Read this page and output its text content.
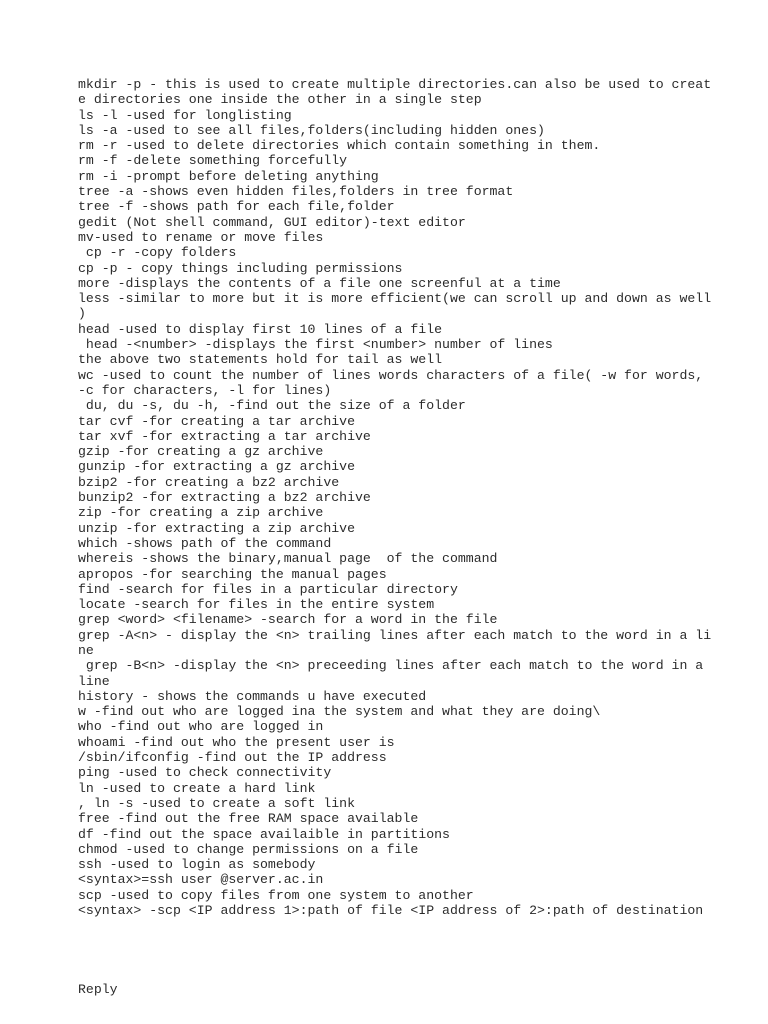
mkdir -p - this is used to create multiple directories.can also be used to creat
e directories one inside the other in a single step
ls -l -used for longlisting
ls -a -used to see all files,folders(including hidden ones)
rm -r -used to delete directories which contain something in them.
rm -f -delete something forcefully
rm -i -prompt before deleting anything
tree -a -shows even hidden files,folders in tree format
tree -f -shows path for each file,folder
gedit (Not shell command, GUI editor)-text editor
mv-used to rename or move files
cp -r -copy folders
cp -p - copy things including permissions
more -displays the contents of a file one screenful at a time
less -similar to more but it is more efficient(we can scroll up and down as well
)
head -used to display first 10 lines of a file
head -<number> -displays the first <number> number of lines
the above two statements hold for tail as well
wc -used to count the number of lines words characters of a file( -w for words,
-c for characters, -l for lines)
du, du -s, du -h, -find out the size of a folder
tar cvf -for creating a tar archive
tar xvf -for extracting a tar archive
gzip -for creating a gz archive
gunzip -for extracting a gz archive
bzip2 -for creating a bz2 archive
bunzip2 -for extracting a bz2 archive
zip -for creating a zip archive
unzip -for extracting a zip archive
which -shows path of the command
whereis -shows the binary,manual page  of the command
apropos -for searching the manual pages
find -search for files in a particular directory
locate -search for files in the entire system
grep <word> <filename> -search for a word in the file
grep -A<n> - display the <n> trailing lines after each match to the word in a li
ne
grep -B<n> -display the <n> preceeding lines after each match to the word in a
line
history - shows the commands u have executed
w -find out who are logged ina the system and what they are doing\
who -find out who are logged in
whoami -find out who the present user is
/sbin/ifconfig -find out the IP address
ping -used to check connectivity
ln -used to create a hard link
, ln -s -used to create a soft link
free -find out the free RAM space available
df -find out the space availaible in partitions
chmod -used to change permissions on a file
ssh -used to login as somebody
<syntax>=ssh user @server.ac.in
scp -used to copy files from one system to another
<syntax> -scp <IP address 1>:path of file <IP address of 2>:path of destination
Reply
